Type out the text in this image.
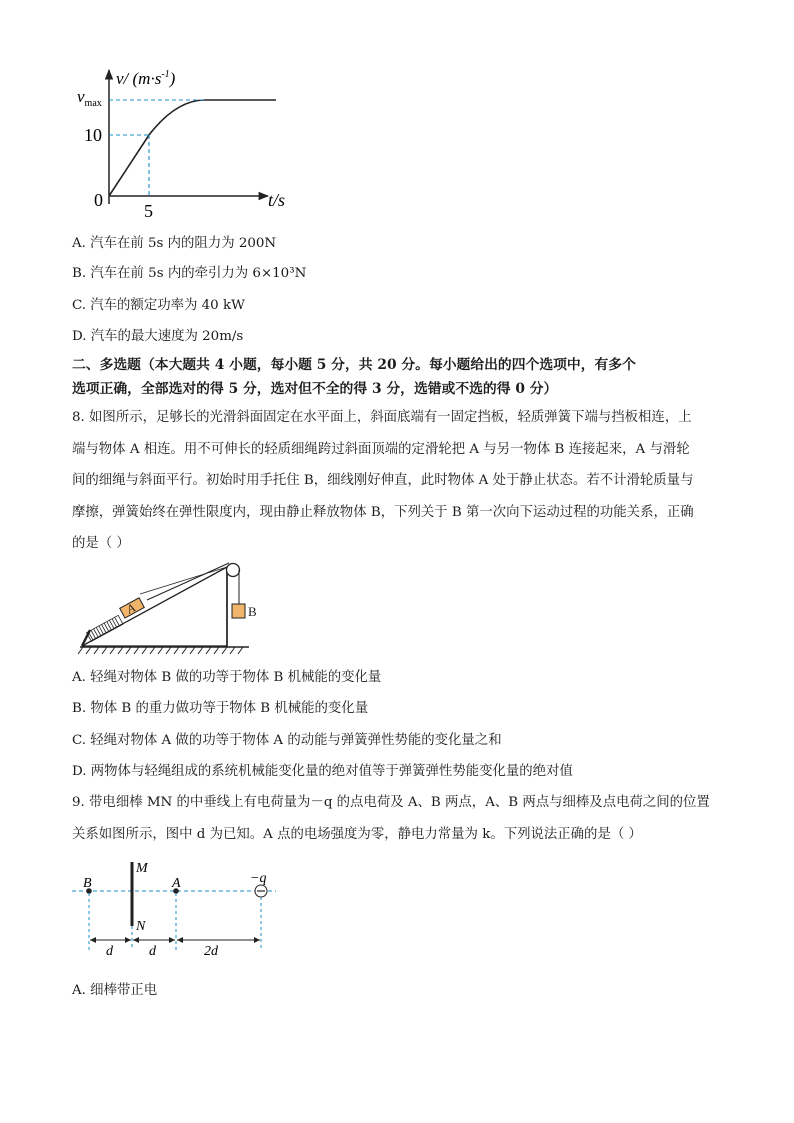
v/ $(m\cdot s^{-1})$
$v_{max}$
10
0
5
t/s
A. 汽车在前 5s 内的阻力为 200N
B. 汽车在前 5s 内的牵引力为 6×10³N
C. 汽车的额定功率为 40 kW
D. 汽车的最大速度为 20m/s
二、多选题（本大题共 4 小题，每小题 5 分，共 20 分。每小题给出的四个选项中，有多个
选项正确，全部选对的得 5 分，选对但不全的得 3 分，选错或不选的得 0 分）
8. 如图所示，足够长的光滑斜面固定在水平面上，斜面底端有一固定挡板，轻质弹簧下端与挡板相连，上
端与物体 A 相连。用不可伸长的轻质细绳跨过斜面顶端的定滑轮把 A 与另一物体 B 连接起来，A 与滑轮
间的细绳与斜面平行。初始时用手托住 B，细线刚好伸直，此时物体 A 处于静止状态。若不计滑轮质量与
摩擦，弹簧始终在弹性限度内，现由静止释放物体 B，下列关于 B 第一次向下运动过程的功能关系，正确
的是（ ）
A	B
A. 轻绳对物体 B 做的功等于物体 B 机械能的变化量
B. 物体 B 的重力做功等于物体 B 机械能的变化量
C. 轻绳对物体 A 做的功等于物体 A 的动能与弹簧弹性势能的变化量之和
D. 两物体与轻绳组成的系统机械能变化量的绝对值等于弹簧弹性势能变化量的绝对值
9. 带电细棒 MN 的中垂线上有电荷量为－q 的点电荷及 A、B 两点，A、B 两点与细棒及点电荷之间的位置
关系如图所示，图中 d 为已知。A 点的电场强度为零，静电力常量为 k。下列说法正确的是（ ）
B
M
A	−q
N
d	d	2d
A. 细棒带正电
